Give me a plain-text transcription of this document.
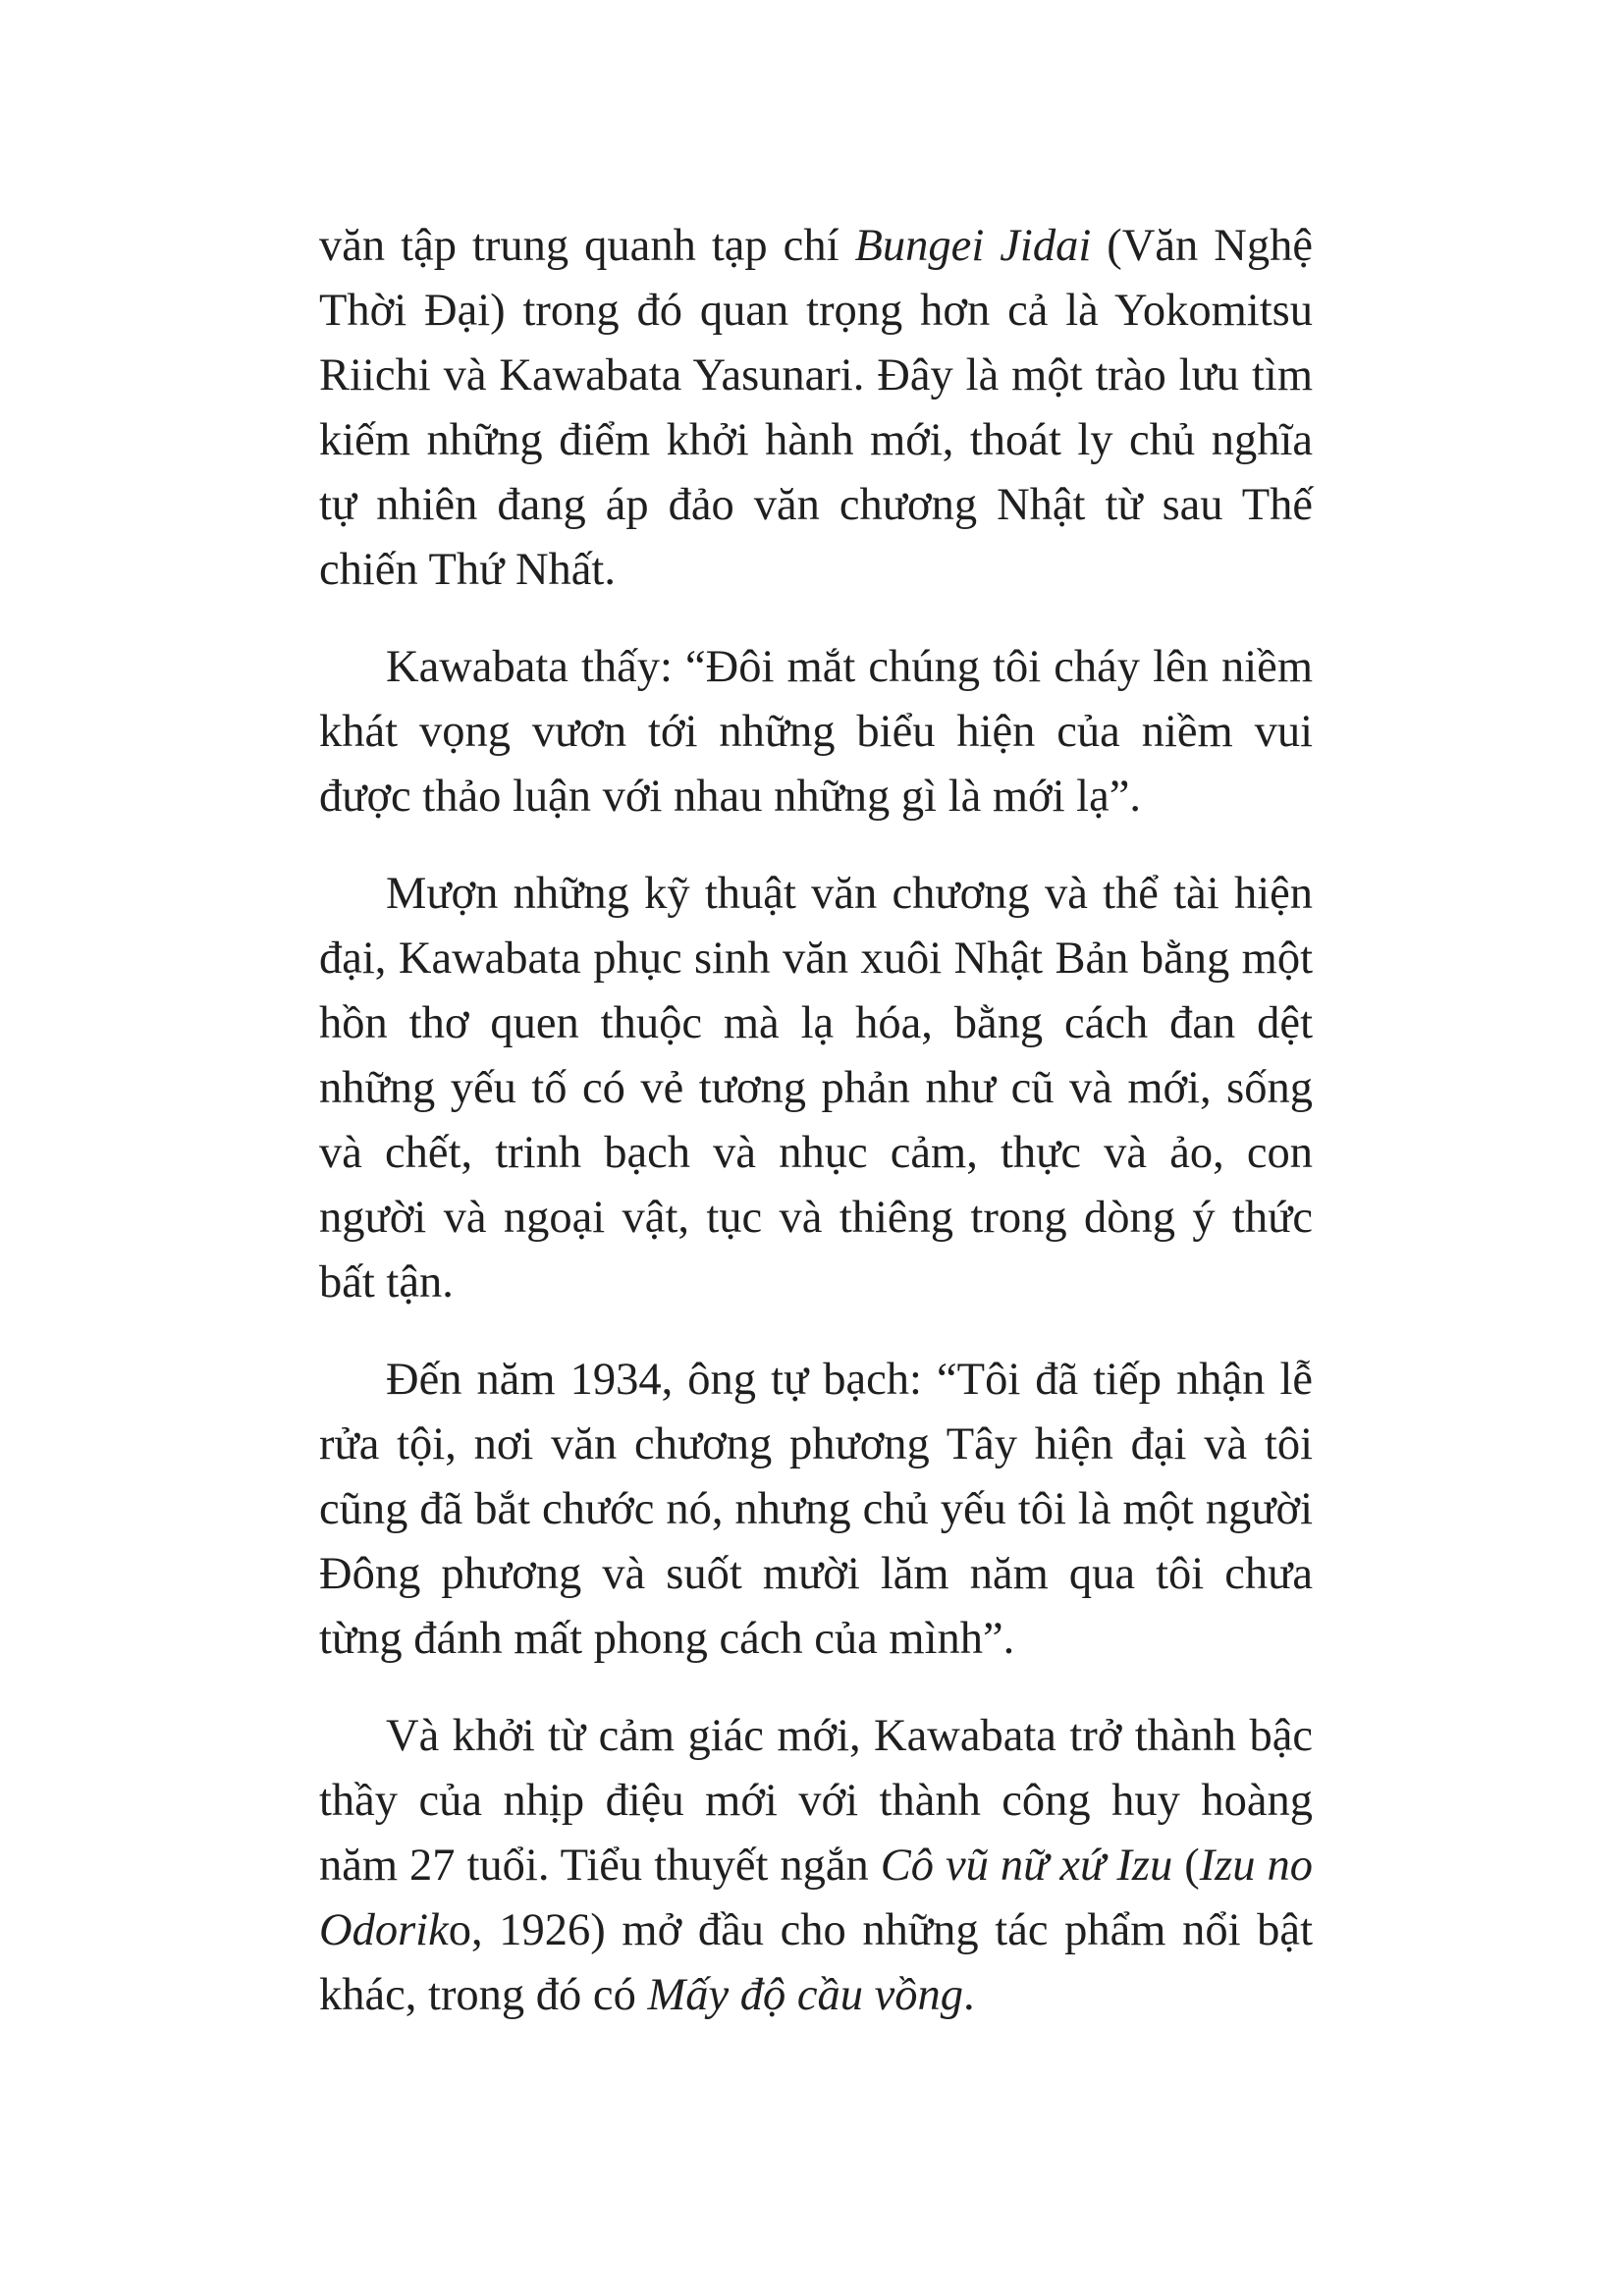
văn tập trung quanh tạp chí Bungei Jidai (Văn Nghệ Thời Đại) trong đó quan trọng hơn cả là Yokomitsu Riichi và Kawabata Yasunari. Đây là một trào lưu tìm kiếm những điểm khởi hành mới, thoát ly chủ nghĩa tự nhiên đang áp đảo văn chương Nhật từ sau Thế chiến Thứ Nhất.

Kawabata thấy: “Đôi mắt chúng tôi cháy lên niềm khát vọng vươn tới những biểu hiện của niềm vui được thảo luận với nhau những gì là mới lạ”.

Mượn những kỹ thuật văn chương và thể tài hiện đại, Kawabata phục sinh văn xuôi Nhật Bản bằng một hồn thơ quen thuộc mà lạ hóa, bằng cách đan dệt những yếu tố có vẻ tương phản như cũ và mới, sống và chết, trinh bạch và nhục cảm, thực và ảo, con người và ngoại vật, tục và thiêng trong dòng ý thức bất tận.

Đến năm 1934, ông tự bạch: “Tôi đã tiếp nhận lễ rửa tội, nơi văn chương phương Tây hiện đại và tôi cũng đã bắt chước nó, nhưng chủ yếu tôi là một người Đông phương và suốt mười lăm năm qua tôi chưa từng đánh mất phong cách của mình”.

Và khởi từ cảm giác mới, Kawabata trở thành bậc thầy của nhịp điệu mới với thành công huy hoàng năm 27 tuổi. Tiểu thuyết ngắn Cô vũ nữ xứ Izu (Izu no Odoriko, 1926) mở đầu cho những tác phẩm nổi bật khác, trong đó có Mấy độ cầu vồng.
